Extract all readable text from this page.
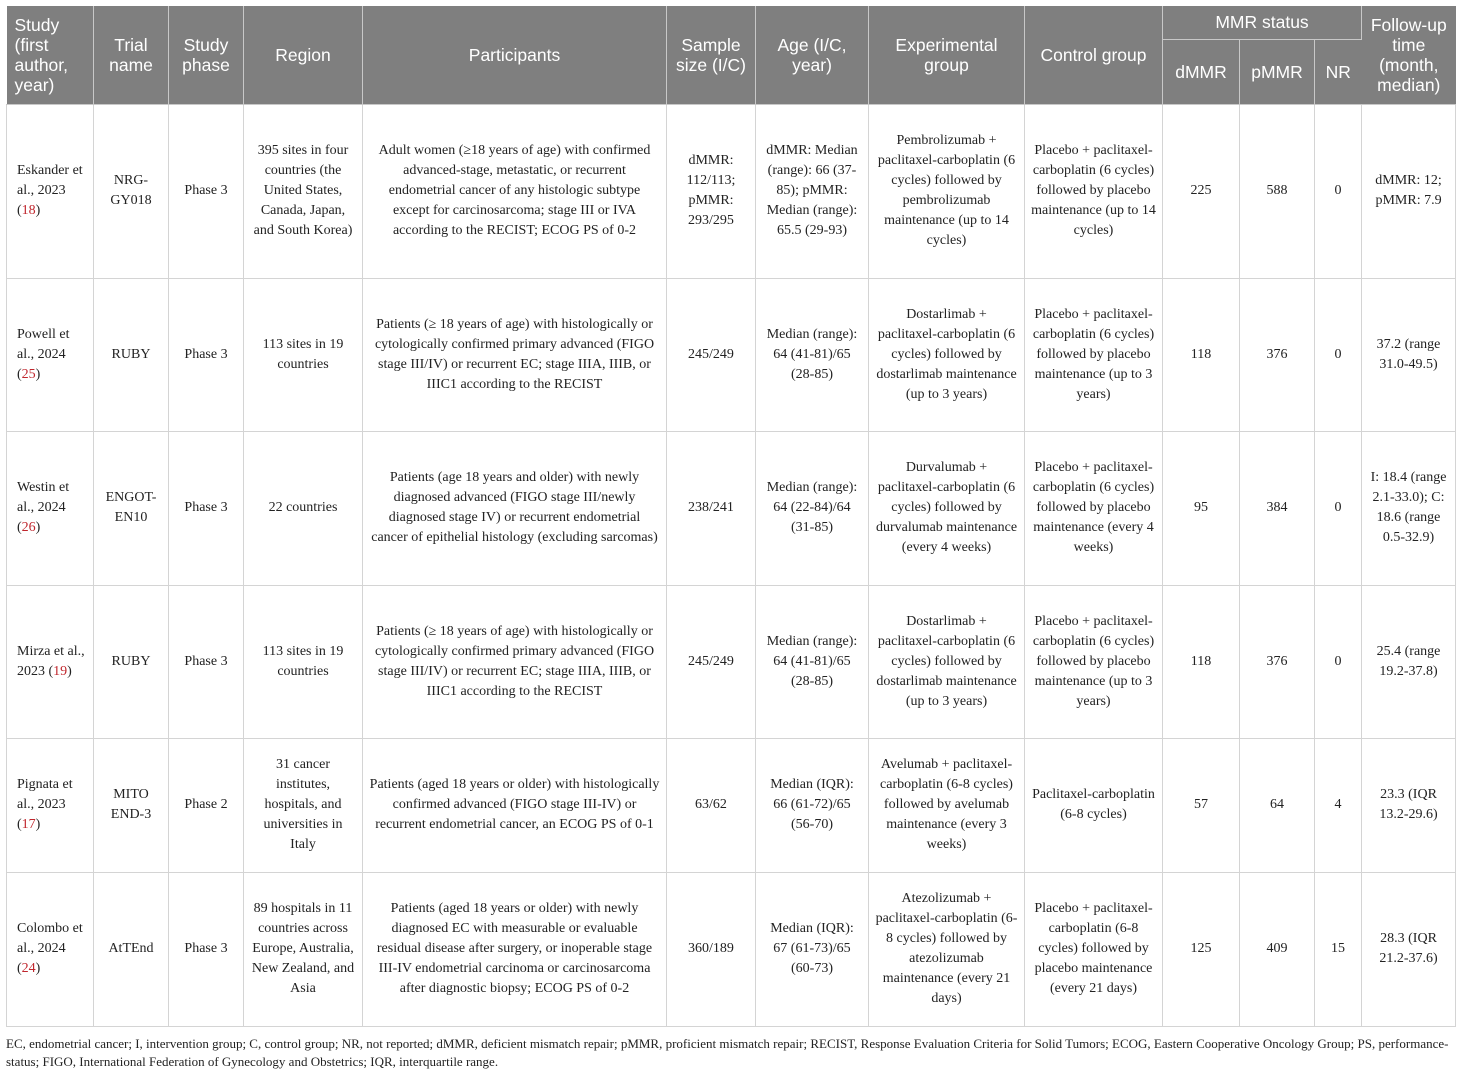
Study (first author, year)	Trial name	Study phase	Region	Participants	Sample size (I/C)	Age (I/C, year)	Experimental group	Control group	MMR status			Follow-up time (month, median)
									dMMR	pMMR	NR	
Eskander et al., 2023 (18)	NRG-GY018	Phase 3	395 sites in four countries (the United States, Canada, Japan, and South Korea)	Adult women (≥18 years of age) with confirmed advanced-stage, metastatic, or recurrent endometrial cancer of any histologic subtype except for carcinosarcoma; stage III or IVA according to the RECIST; ECOG PS of 0-2	dMMR: 112/113; pMMR: 293/295	dMMR: Median (range): 66 (37-85); pMMR: Median (range): 65.5 (29-93)	Pembrolizumab + paclitaxel-carboplatin (6 cycles) followed by pembrolizumab maintenance (up to 14 cycles)	Placebo + paclitaxel-carboplatin (6 cycles) followed by placebo maintenance (up to 14 cycles)	225	588	0	dMMR: 12; pMMR: 7.9
Powell et al., 2024 (25)	RUBY	Phase 3	113 sites in 19 countries	Patients (≥ 18 years of age) with histologically or cytologically confirmed primary advanced (FIGO stage III/IV) or recurrent EC; stage IIIA, IIIB, or IIIC1 according to the RECIST	245/249	Median (range): 64 (41-81)/65 (28-85)	Dostarlimab + paclitaxel-carboplatin (6 cycles) followed by dostarlimab maintenance (up to 3 years)	Placebo + paclitaxel-carboplatin (6 cycles) followed by placebo maintenance (up to 3 years)	118	376	0	37.2 (range 31.0-49.5)
Westin et al., 2024 (26)	ENGOT-EN10	Phase 3	22 countries	Patients (age 18 years and older) with newly diagnosed advanced (FIGO stage III/newly diagnosed stage IV) or recurrent endometrial cancer of epithelial histology (excluding sarcomas)	238/241	Median (range): 64 (22-84)/64 (31-85)	Durvalumab + paclitaxel-carboplatin (6 cycles) followed by durvalumab maintenance (every 4 weeks)	Placebo + paclitaxel-carboplatin (6 cycles) followed by placebo maintenance (every 4 weeks)	95	384	0	I: 18.4 (range 2.1-33.0); C: 18.6 (range 0.5-32.9)
Mirza et al., 2023 (19)	RUBY	Phase 3	113 sites in 19 countries	Patients (≥ 18 years of age) with histologically or cytologically confirmed primary advanced (FIGO stage III/IV) or recurrent EC; stage IIIA, IIIB, or IIIC1 according to the RECIST	245/249	Median (range): 64 (41-81)/65 (28-85)	Dostarlimab + paclitaxel-carboplatin (6 cycles) followed by dostarlimab maintenance (up to 3 years)	Placebo + paclitaxel-carboplatin (6 cycles) followed by placebo maintenance (up to 3 years)	118	376	0	25.4 (range 19.2-37.8)
Pignata et al., 2023 (17)	MITO END-3	Phase 2	31 cancer institutes, hospitals, and universities in Italy	Patients (aged 18 years or older) with histologically confirmed advanced (FIGO stage III-IV) or recurrent endometrial cancer, an ECOG PS of 0-1	63/62	Median (IQR): 66 (61-72)/65 (56-70)	Avelumab + paclitaxel-carboplatin (6-8 cycles) followed by avelumab maintenance (every 3 weeks)	Paclitaxel-carboplatin (6-8 cycles)	57	64	4	23.3 (IQR 13.2-29.6)
Colombo et al., 2024 (24)	AtTEnd	Phase 3	89 hospitals in 11 countries across Europe, Australia, New Zealand, and Asia	Patients (aged 18 years or older) with newly diagnosed EC with measurable or evaluable residual disease after surgery, or inoperable stage III-IV endometrial carcinoma or carcinosarcoma after diagnostic biopsy; ECOG PS of 0-2	360/189	Median (IQR): 67 (61-73)/65 (60-73)	Atezolizumab + paclitaxel-carboplatin (6-8 cycles) followed by atezolizumab maintenance (every 21 days)	Placebo + paclitaxel-carboplatin (6-8 cycles) followed by placebo maintenance (every 21 days)	125	409	15	28.3 (IQR 21.2-37.6)
EC, endometrial cancer; I, intervention group; C, control group; NR, not reported; dMMR, deficient mismatch repair; pMMR, proficient mismatch repair; RECIST, Response Evaluation Criteria for Solid Tumors; ECOG, Eastern Cooperative Oncology Group; PS, performance-status; FIGO, International Federation of Gynecology and Obstetrics; IQR, interquartile range.
